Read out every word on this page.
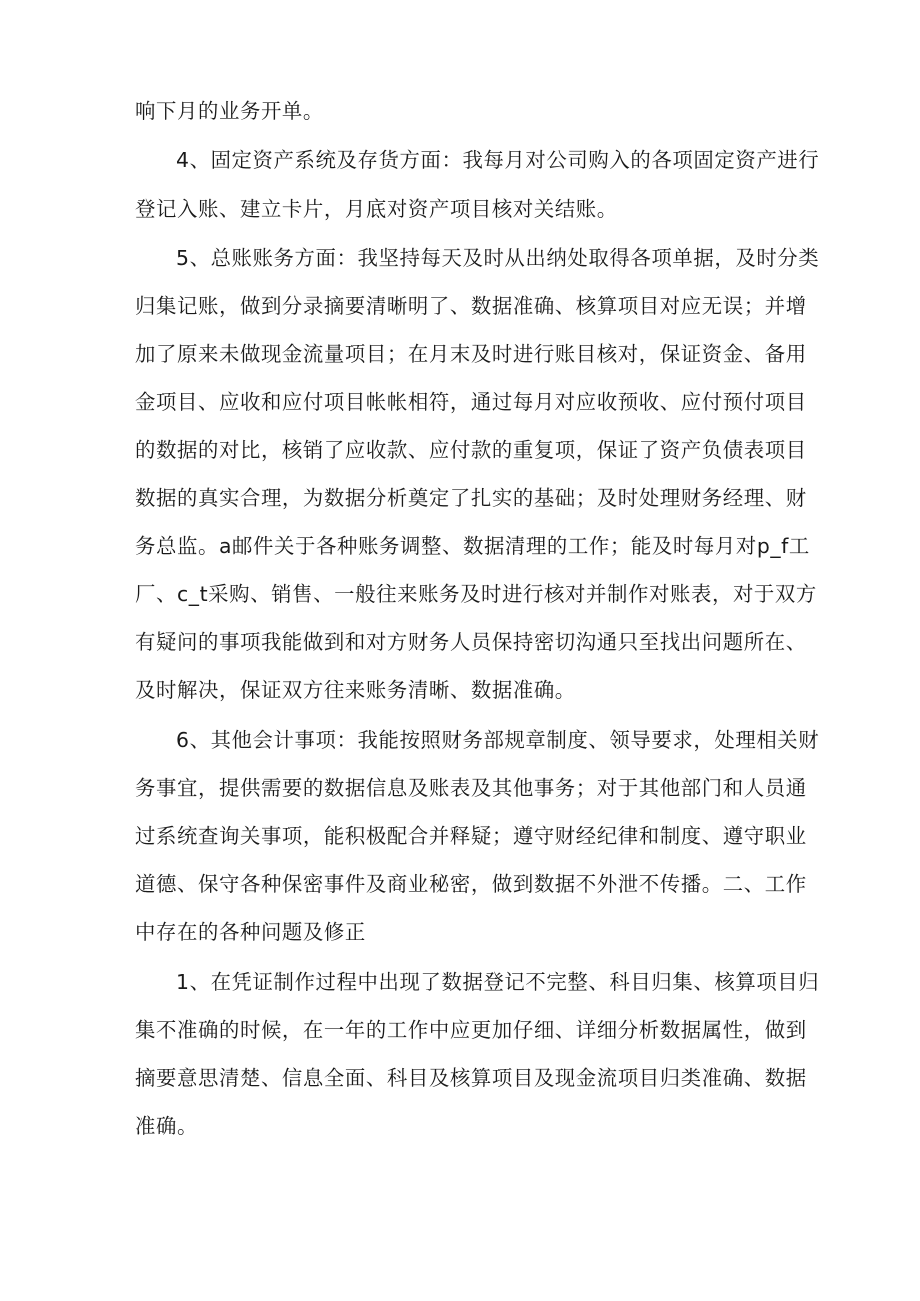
响下月的业务开单。
4、固定资产系统及存货方面：我每月对公司购入的各项固定资产进行
登记入账、建立卡片，月底对资产项目核对关结账。
5、总账账务方面：我坚持每天及时从出纳处取得各项单据，及时分类
归集记账，做到分录摘要清晰明了、数据准确、核算项目对应无误；并增
加了原来未做现金流量项目；在月末及时进行账目核对，保证资金、备用
金项目、应收和应付项目帐帐相符，通过每月对应收预收、应付预付项目
的数据的对比，核销了应收款、应付款的重复项，保证了资产负债表项目
数据的真实合理，为数据分析奠定了扎实的基础；及时处理财务经理、财
务总监。a邮件关于各种账务调整、数据清理的工作；能及时每月对p_f工
厂、c_t采购、销售、一般往来账务及时进行核对并制作对账表，对于双方
有疑问的事项我能做到和对方财务人员保持密切沟通只至找出问题所在、
及时解决，保证双方往来账务清晰、数据准确。
6、其他会计事项：我能按照财务部规章制度、领导要求，处理相关财
务事宜，提供需要的数据信息及账表及其他事务；对于其他部门和人员通
过系统查询关事项，能积极配合并释疑；遵守财经纪律和制度、遵守职业
道德、保守各种保密事件及商业秘密，做到数据不外泄不传播。二、工作
中存在的各种问题及修正
1、在凭证制作过程中出现了数据登记不完整、科目归集、核算项目归
集不准确的时候，在一年的工作中应更加仔细、详细分析数据属性，做到
摘要意思清楚、信息全面、科目及核算项目及现金流项目归类准确、数据
准确。
